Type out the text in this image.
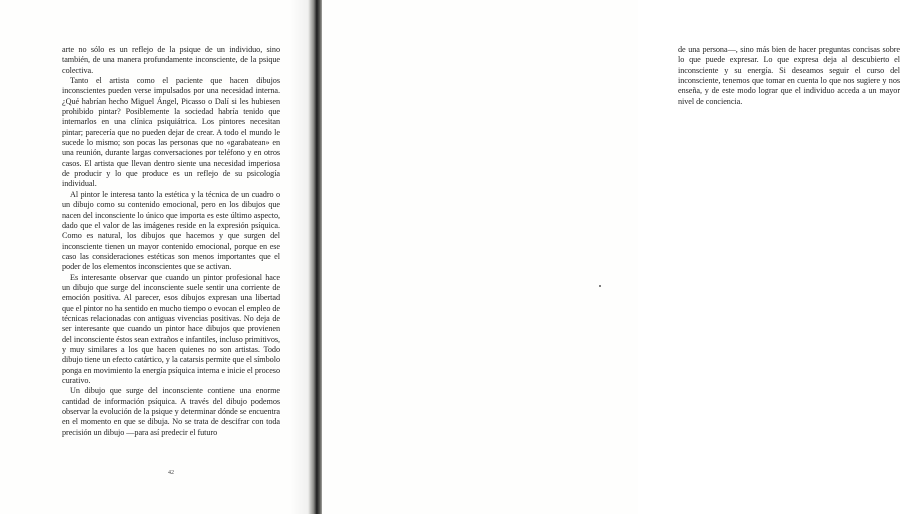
arte no sólo es un reflejo de la psique de un individuo, sino también, de una manera profundamente inconsciente, de la psique colectiva.

Tanto el artista como el paciente que hacen dibujos inconscientes pueden verse impulsados por una necesidad interna. ¿Qué habrían hecho Miguel Ángel, Picasso o Dalí si les hubiesen prohibido pintar? Posiblemente la sociedad habría tenido que internarlos en una clínica psiquiátrica. Los pintores necesitan pintar; parecería que no pueden dejar de crear. A todo el mundo le sucede lo mismo; son pocas las personas que no «garabatean» en una reunión, durante largas conversaciones por teléfono y en otros casos. El artista que llevan dentro siente una necesidad imperiosa de producir y lo que produce es un reflejo de su psicología individual.

Al pintor le interesa tanto la estética y la técnica de un cuadro o un dibujo como su contenido emocional, pero en los dibujos que nacen del inconsciente lo único que importa es este último aspecto, dado que el valor de las imágenes reside en la expresión psíquica. Como es natural, los dibujos que hacemos y que surgen del inconsciente tienen un mayor contenido emocional, porque en ese caso las consideraciones estéticas son menos importantes que el poder de los elementos inconscientes que se activan.

Es interesante observar que cuando un pintor profesional hace un dibujo que surge del inconsciente suele sentir una corriente de emoción positiva. Al parecer, esos dibujos expresan una libertad que el pintor no ha sentido en mucho tiempo o evocan el empleo de técnicas relacionadas con antiguas vivencias positivas. No deja de ser interesante que cuando un pintor hace dibujos que provienen del inconsciente éstos sean extraños e infantiles, incluso primitivos, y muy similares a los que hacen quienes no son artistas. Todo dibujo tiene un efecto catártico, y la catarsis permite que el símbolo ponga en movimiento la energía psíquica interna e inicie el proceso curativo.

Un dibujo que surge del inconsciente contiene una enorme cantidad de información psíquica. A través del dibujo podemos observar la evolución de la psique y determinar dónde se encuentra en el momento en que se dibuja. No se trata de descifrar con toda precisión un dibujo —para así predecir el futuro

42

de una persona—, sino más bien de hacer preguntas concisas sobre lo que puede expresar. Lo que expresa deja al descubierto el inconsciente y su energía. Si deseamos seguir el curso del inconsciente, tenemos que tomar en cuenta lo que nos sugiere y nos enseña, y de este modo lograr que el individuo acceda a un mayor nivel de conciencia.
